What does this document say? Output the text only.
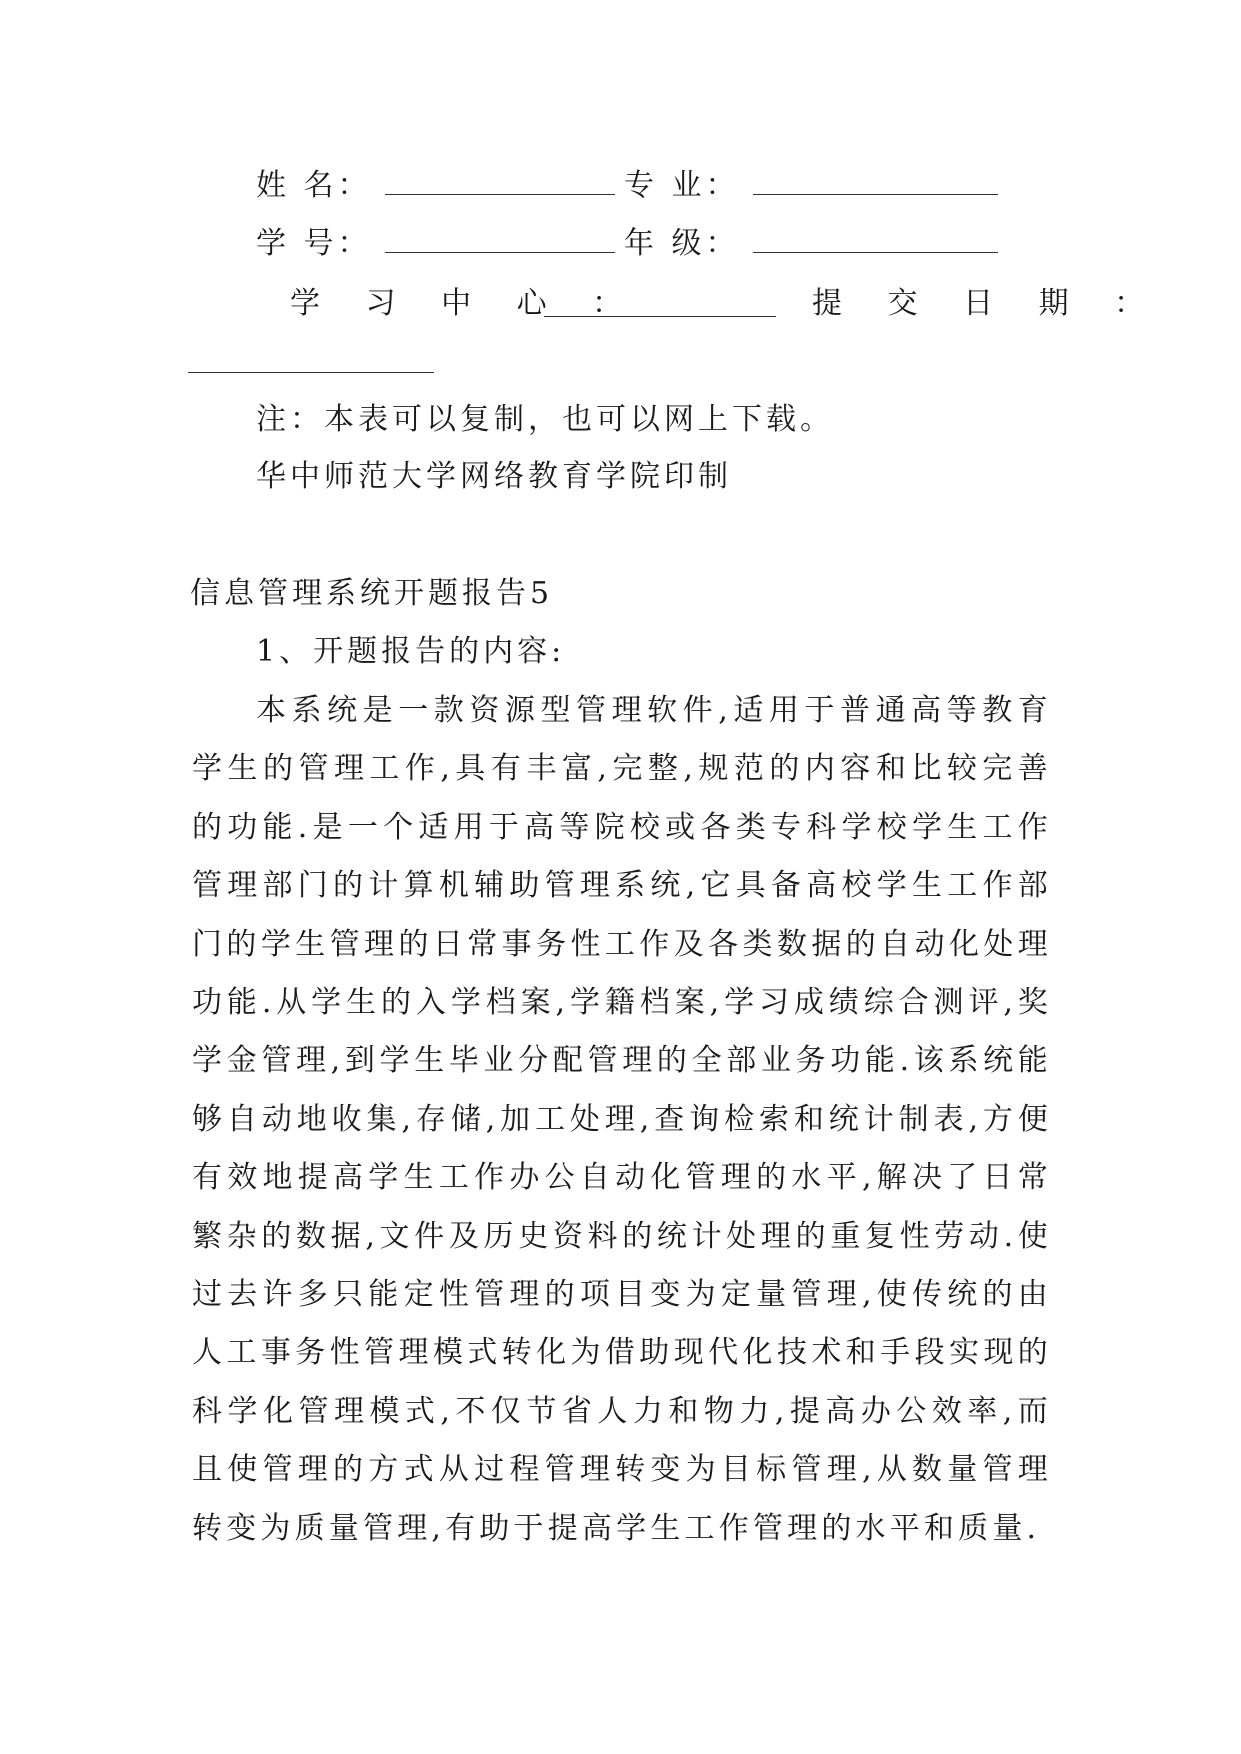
姓 名：	专 业：
学 号：	年 级：
学 习 中 心 ：	提 交 日 期 ：
注：本表可以复制，也可以网上下载。
华中师范大学网络教育学院印制
信息管理系统开题报告5
1、开题报告的内容:
本系统是一款资源型管理软件,适用于普通高等教育学生的管理工作,具有丰富,完整,规范的内容和比较完善的功能.是一个适用于高等院校或各类专科学校学生工作管理部门的计算机辅助管理系统,它具备高校学生工作部门的学生管理的日常事务性工作及各类数据的自动化处理功能.从学生的入学档案,学籍档案,学习成绩综合测评,奖学金管理,到学生毕业分配管理的全部业务功能.该系统能够自动地收集,存储,加工处理,查询检索和统计制表,方便有效地提高学生工作办公自动化管理的水平,解决了日常繁杂的数据,文件及历史资料的统计处理的重复性劳动.使过去许多只能定性管理的项目变为定量管理,使传统的由人工事务性管理模式转化为借助现代化技术和手段实现的科学化管理模式,不仅节省人力和物力,提高办公效率,而且使管理的方式从过程管理转变为目标管理,从数量管理转变为质量管理,有助于提高学生工作管理的水平和质量.
